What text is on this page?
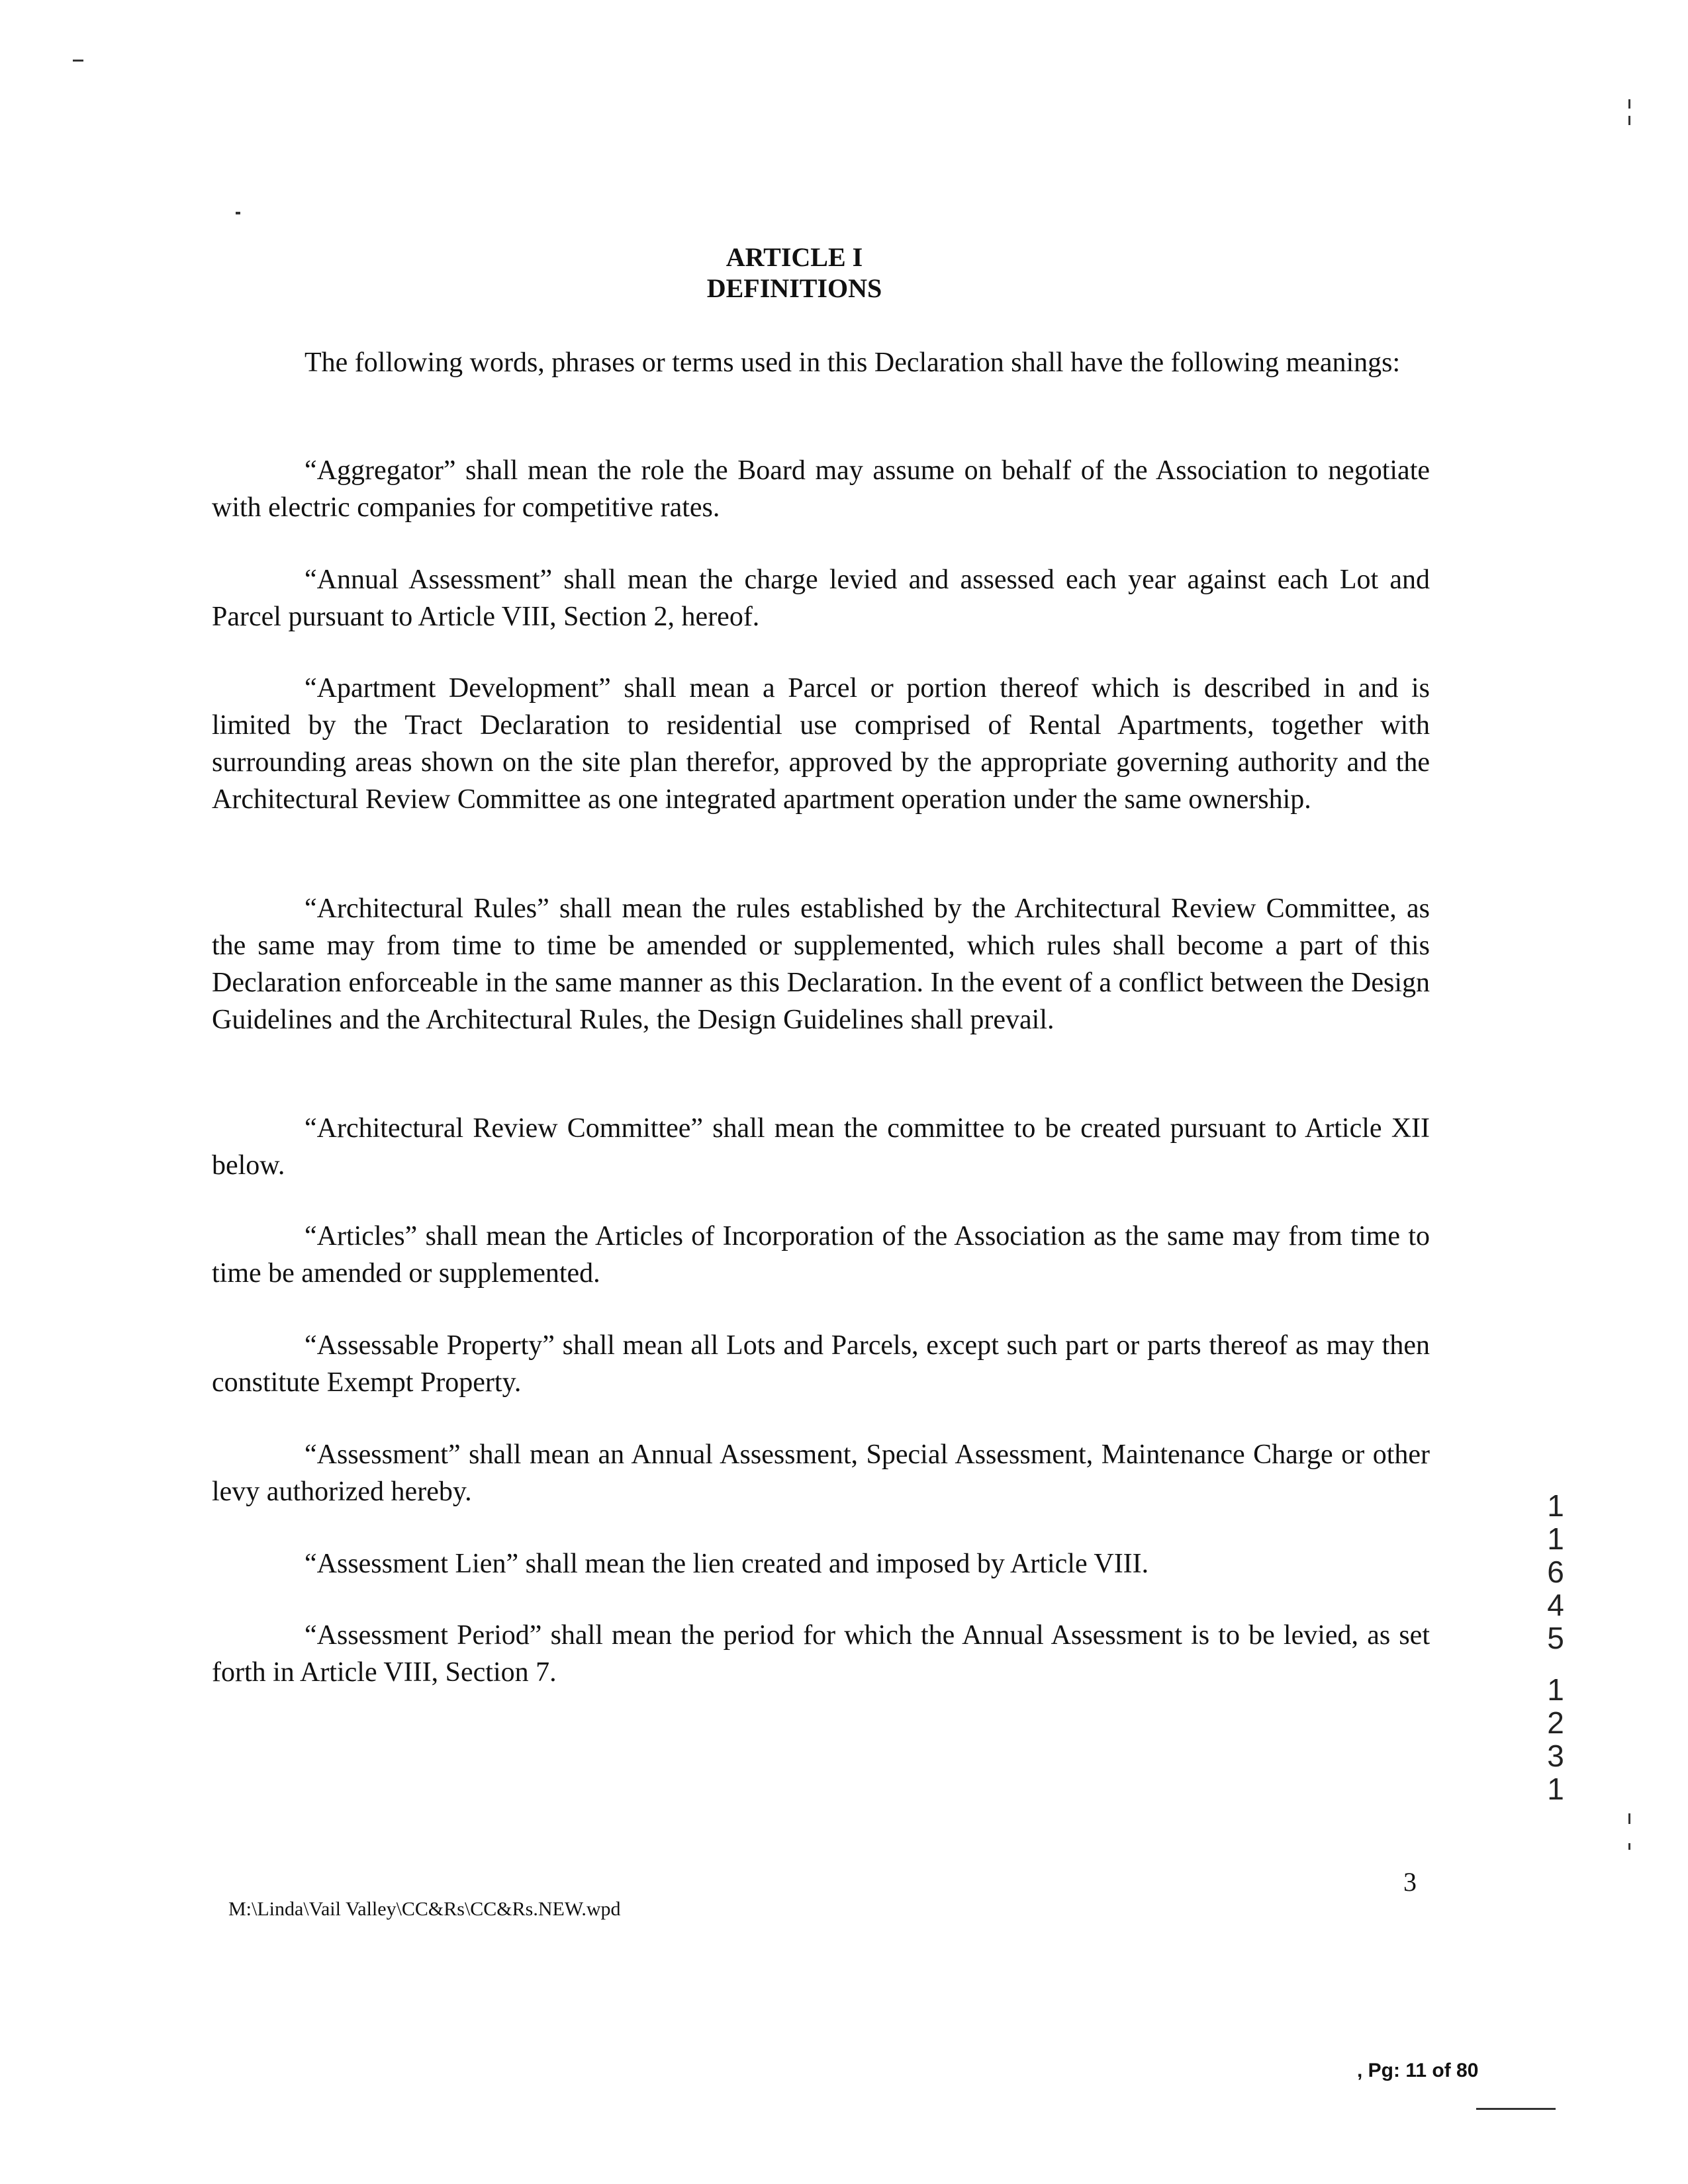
ARTICLE I
DEFINITIONS

The following words, phrases or terms used in this Declaration shall have the following meanings:

“Aggregator” shall mean the role the Board may assume on behalf of the Association to negotiate with electric companies for competitive rates.

“Annual Assessment” shall mean the charge levied and assessed each year against each Lot and Parcel pursuant to Article VIII, Section 2, hereof.

“Apartment Development” shall mean a Parcel or portion thereof which is described in and is limited by the Tract Declaration to residential use comprised of Rental Apartments, together with surrounding areas shown on the site plan therefor, approved by the appropriate governing authority and the Architectural Review Committee as one integrated apartment operation under the same ownership.

“Architectural Rules” shall mean the rules established by the Architectural Review Committee, as the same may from time to time be amended or supplemented, which rules shall become a part of this Declaration enforceable in the same manner as this Declaration. In the event of a conflict between the Design Guidelines and the Architectural Rules, the Design Guidelines shall prevail.

“Architectural Review Committee” shall mean the committee to be created pursuant to Article XII below.

“Articles” shall mean the Articles of Incorporation of the Association as the same may from time to time be amended or supplemented.

“Assessable Property” shall mean all Lots and Parcels, except such part or parts thereof as may then constitute Exempt Property.

“Assessment” shall mean an Annual Assessment, Special Assessment, Maintenance Charge or other levy authorized hereby.

“Assessment Lien” shall mean the lien created and imposed by Article VIII.

“Assessment Period” shall mean the period for which the Annual Assessment is to be levied, as set forth in Article VIII, Section 7.

1
1
6
4
5
1
2
3
1
3
M:\Linda\Vail Valley\CC&Rs\CC&Rs.NEW.wpd
, Pg: 11 of 80
